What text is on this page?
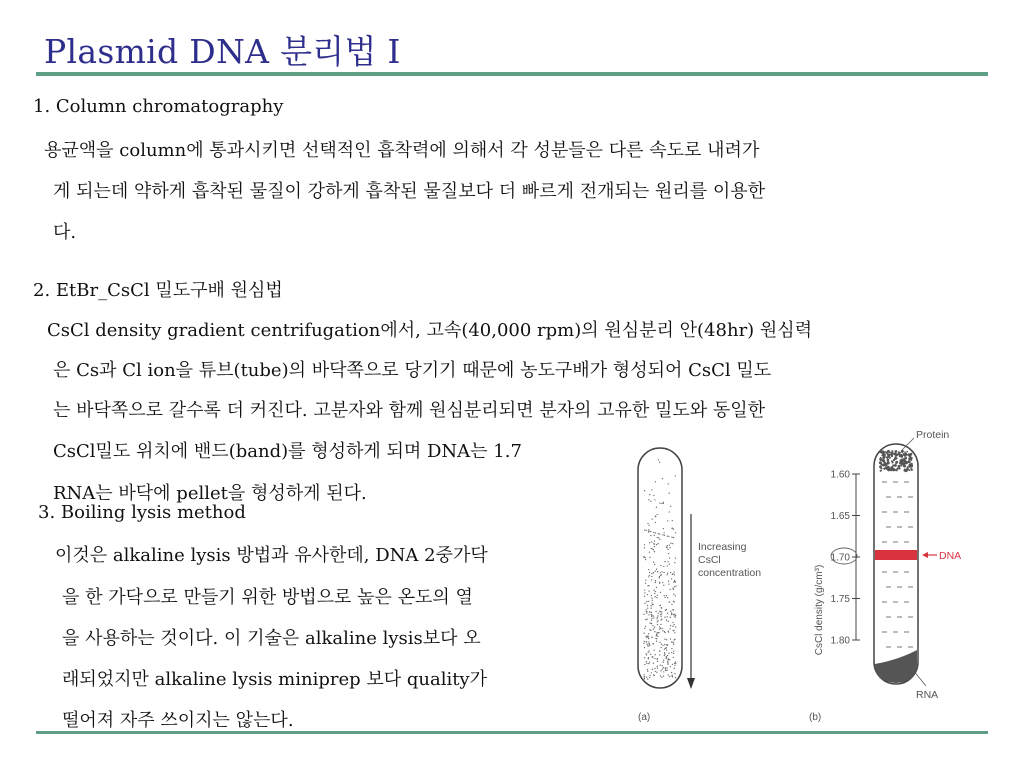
Plasmid DNA 분리법 I
1. Column chromatography
용균액을 column에 통과시키면 선택적인 흡착력에 의해서 각 성분들은 다른 속도로 내려가
게 되는데 약하게 흡착된 물질이 강하게 흡착된 물질보다 더 빠르게 전개되는 원리를 이용한
다.
2. EtBr_CsCl 밀도구배 원심법
CsCl density gradient centrifugation에서, 고속(40,000 rpm)의 원심분리 안(48hr) 원심력
은 Cs과 Cl ion을 튜브(tube)의 바닥쪽으로 당기기 때문에 농도구배가 형성되어 CsCl 밀도
는 바닥쪽으로 갈수록 더 커진다. 고분자와 함께 원심분리되면 분자의 고유한 밀도와 동일한
CsCl밀도 위치에 밴드(band)를 형성하게 되며 DNA는 1.7
RNA는 바닥에 pellet을 형성하게 된다.
3. Boiling lysis method
이것은 alkaline lysis 방법과 유사한데, DNA 2중가닥
을 한 가닥으로 만들기 위한 방법으로 높은 온도의 열
을 사용하는 것이다. 이 기술은 alkaline lysis보다 오
래되었지만 alkaline lysis miniprep 보다 quality가
떨어져 자주 쓰이지는 않는다.
Increasing
CsCl
concentration	CsCl density (g/cm³)
1.60
1.65
1.70
1.75
1.80
Protein
DNA
RNA
(a)	(b)
